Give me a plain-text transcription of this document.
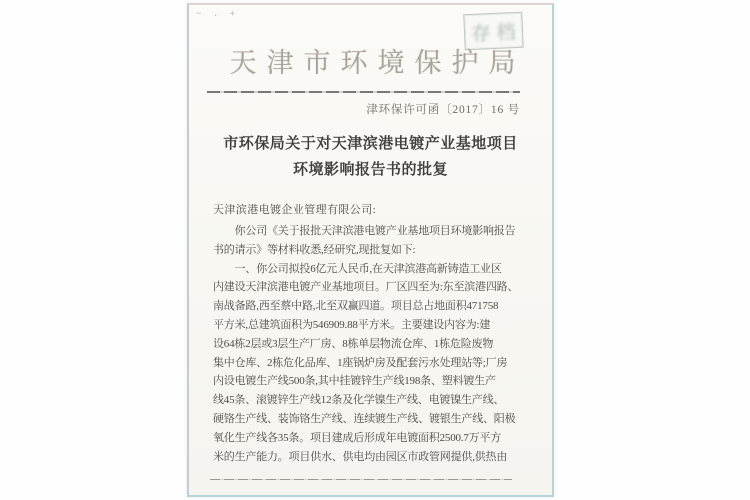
~ . +
存档
天津市环境保护局
津环保许可函〔2017〕16 号
市环保局关于对天津滨港电镀产业基地项目
环境影响报告书的批复
天津滨港电镀企业管理有限公司:
　　你公司《关于报批天津滨港电镀产业基地项目环境影响报告
书的请示》等材料收悉,经研究,现批复如下:
　　一、你公司拟投6亿元人民币,在天津滨港高新铸造工业区
内建设天津滨港电镀产业基地项目。厂区四至为:东至滨港四路、
南战备路,西至蔡中路,北至双赢四道。项目总占地面积471758
平方米,总建筑面积为546909.88平方米。主要建设内容为:建
设64栋2层或3层生产厂房、8栋单层物流仓库、1栋危险废物
集中仓库、2栋危化品库、1座锅炉房及配套污水处理站等;厂房
内设电镀生产线500条,其中挂镀锌生产线198条、塑料镀生产
线45条、滚镀锌生产线12条及化学镍生产线、电镀镍生产线、
硬铬生产线、装饰铬生产线、连续镀生产线、镀银生产线、阳极
氧化生产线各35条。项目建成后形成年电镀面积2500.7万平方
米的生产能力。项目供水、供电均由园区市政管网提供,供热由
